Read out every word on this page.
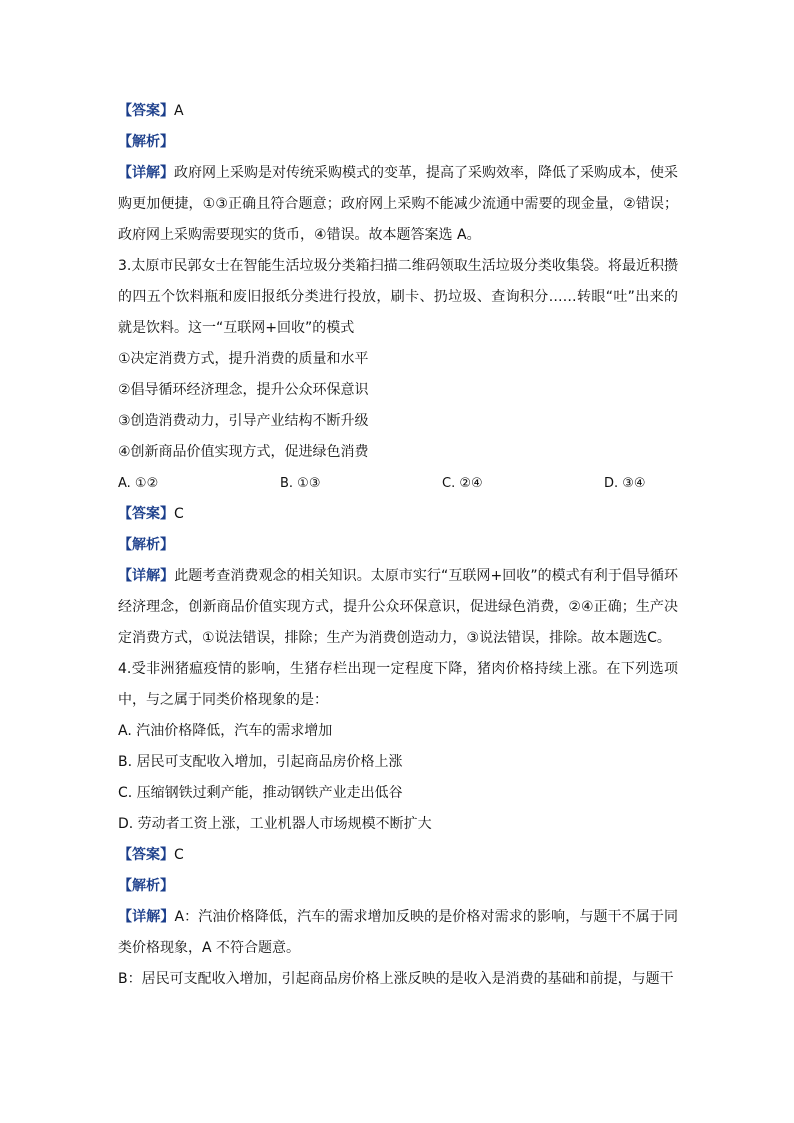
【答案】A
【解析】
【详解】政府网上采购是对传统采购模式的变革，提高了采购效率，降低了采购成本，使采购更加便捷，①③正确且符合题意；政府网上采购不能减少流通中需要的现金量，②错误；政府网上采购需要现实的货币，④错误。故本题答案选 A。
3.太原市民郭女士在智能生活垃圾分类箱扫描二维码领取生活垃圾分类收集袋。将最近积攒的四五个饮料瓶和废旧报纸分类进行投放，刷卡、扔垃圾、查询积分……转眼“吐”出来的就是饮料。这一“互联网+回收”的模式
①决定消费方式，提升消费的质量和水平
②倡导循环经济理念，提升公众环保意识
③创造消费动力，引导产业结构不断升级
④创新商品价值实现方式，促进绿色消费
A. ①②	B. ①③	C. ②④	D. ③④
【答案】C
【解析】
【详解】此题考查消费观念的相关知识。太原市实行“互联网+回收”的模式有利于倡导循环经济理念，创新商品价值实现方式，提升公众环保意识，促进绿色消费，②④正确；生产决定消费方式，①说法错误，排除；生产为消费创造动力，③说法错误，排除。故本题选C。
4.受非洲猪瘟疫情的影响，生猪存栏出现一定程度下降，猪肉价格持续上涨。在下列选项中，与之属于同类价格现象的是：
A. 汽油价格降低，汽车的需求增加
B. 居民可支配收入增加，引起商品房价格上涨
C. 压缩钢铁过剩产能，推动钢铁产业走出低谷
D. 劳动者工资上涨，工业机器人市场规模不断扩大
【答案】C
【解析】
【详解】A：汽油价格降低，汽车的需求增加反映的是价格对需求的影响，与题干不属于同类价格现象，A 不符合题意。
B：居民可支配收入增加，引起商品房价格上涨反映的是收入是消费的基础和前提，与题干
